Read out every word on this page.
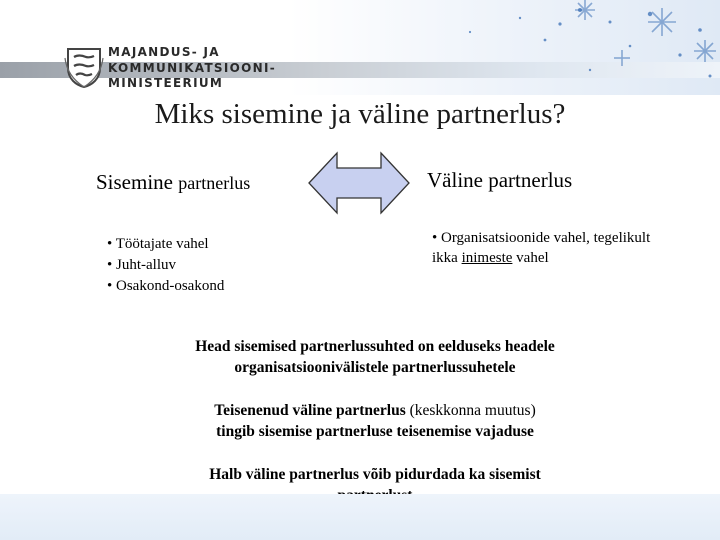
MAJANDUS- JA
KOMMUNIKATSIOONI-
MINISTEERIUM
Miks sisemine ja väline partnerlus?
Sisemine partnerlus	Väline partnerlus
• Töötajate vahel
• Juht-alluv
• Osakond-osakond
• Organisatsioonide vahel, tegelikult ikka inimeste vahel
Head sisemised partnerlussuhted on eelduseks headele
organisatsioonivälistele partnerlussuhetele
Teisenenud väline partnerlus (keskkonna muutus)
tingib sisemise partnerluse teisenemise vajaduse
Halb väline partnerlus võib pidurdada ka sisemist
